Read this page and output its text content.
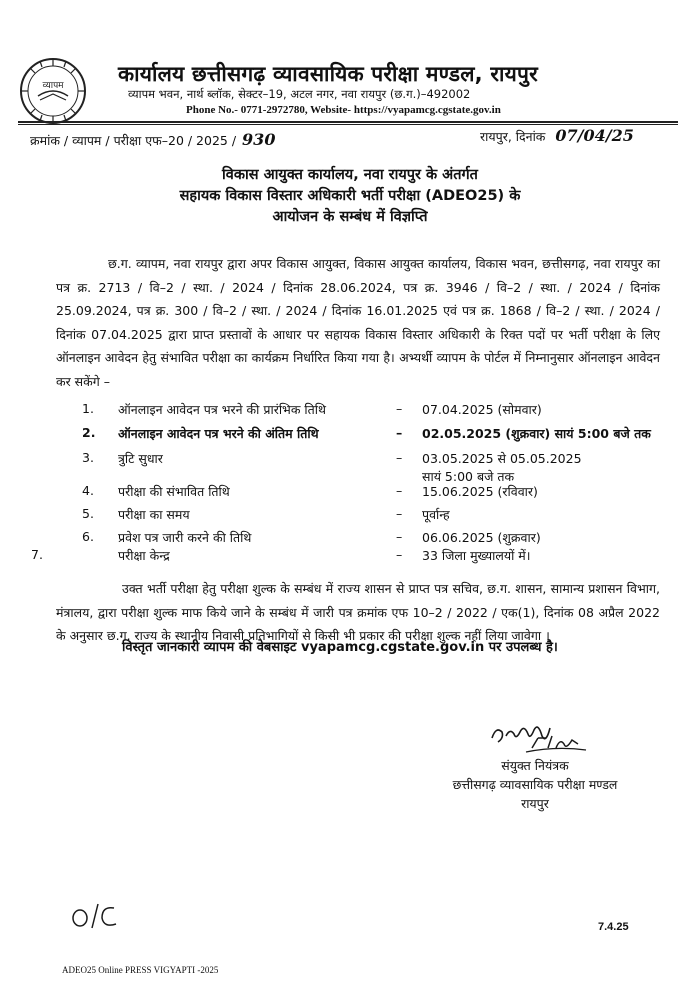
व्यापम	कार्यालय छत्तीसगढ़ व्यावसायिक परीक्षा मण्डल, रायपुर
व्यापम भवन, नार्थ ब्लॉक, सेक्टर–19, अटल नगर, नवा रायपुर (छ.ग.)–492002
Phone No.- 0771-2972780, Website- https://vyapamcg.cgstate.gov.in
क्रमांक / व्यापम / परीक्षा एफ–20 / 2025 / 930	रायपुर, दिनांक 07/04/25
विकास आयुक्त कार्यालय, नवा रायपुर के अंतर्गत
सहायक विकास विस्तार अधिकारी भर्ती परीक्षा (ADEO25) के
आयोजन के सम्बंध में विज्ञप्ति
छ.ग. व्यापम, नवा रायपुर द्वारा अपर विकास आयुक्त, विकास आयुक्त कार्यालय, विकास भवन, छत्तीसगढ़, नवा रायपुर का पत्र क्र. 2713 / वि–2 / स्था. / 2024 / दिनांक 28.06.2024, पत्र क्र. 3946 / वि–2 / स्था. / 2024 / दिनांक 25.09.2024, पत्र क्र. 300 / वि–2 / स्था. / 2024 / दिनांक 16.01.2025 एवं पत्र क्र. 1868 / वि–2 / स्था. / 2024 / दिनांक 07.04.2025 द्वारा प्राप्त प्रस्तावों के आधार पर सहायक विकास विस्तार अधिकारी के रिक्त पदों पर भर्ती परीक्षा के लिए ऑनलाइन आवेदन हेतु संभावित परीक्षा का कार्यक्रम निर्धारित किया गया है। अभ्यर्थी व्यापम के पोर्टल में निम्नानुसार ऑनलाइन आवेदन कर सकेंगे –
1. ऑनलाइन आवेदन पत्र भरने की प्रारंभिक तिथि	– 07.04.2025 (सोमवार)
2. ऑनलाइन आवेदन पत्र भरने की अंतिम तिथि	– 02.05.2025 (शुक्रवार) सायं 5:00 बजे तक
3. त्रुटि सुधार	– 03.05.2025 से 05.05.2025
सायं 5:00 बजे तक
4. परीक्षा की संभावित तिथि	– 15.06.2025 (रविवार)
5. परीक्षा का समय	– पूर्वान्ह
6. प्रवेश पत्र जारी करने की तिथि	– 06.06.2025 (शुक्रवार)
7.	परीक्षा केन्द्र	– 33 जिला मुख्यालयों में।
उक्त भर्ती परीक्षा हेतु परीक्षा शुल्क के सम्बंध में राज्य शासन से प्राप्त पत्र सचिव, छ.ग. शासन, सामान्य प्रशासन विभाग, मंत्रालय, द्वारा परीक्षा शुल्क माफ किये जाने के सम्बंध में जारी पत्र क्रमांक एफ 10–2 / 2022 / एक(1), दिनांक 08 अप्रैल 2022 के अनुसार छ.ग. राज्य के स्थानीय निवासी प्रतिभागियों से किसी भी प्रकार की परीक्षा शुल्क नहीं लिया जावेगा ।
विस्तृत जानकारी व्यापम की वेबसाइट vyapamcg.cgstate.gov.in पर उपलब्ध है।
संयुक्त नियंत्रक
छत्तीसगढ़ व्यावसायिक परीक्षा मण्डल
रायपुर
7.4.25
ADEO25 Online PRESS VIGYAPTI -2025
